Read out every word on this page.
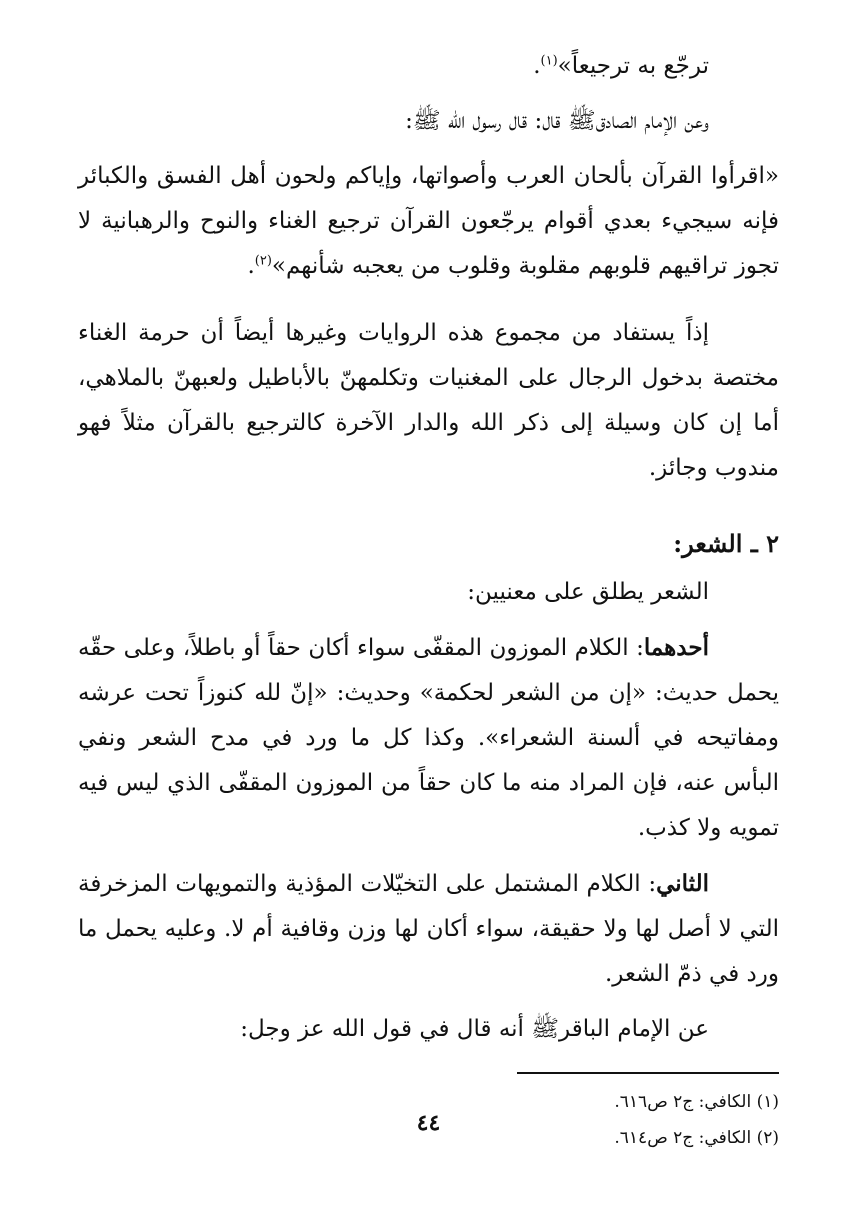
ترجّع به ترجيعاً»$^{(١)}$.

وعن الإمام الصادقﷺ قال: قال رسول الله ﷺ:

«اقرأوا القرآن بألحان العرب وأصواتها، وإياكم ولحون أهل الفسق والكبائر فإنه سيجيء بعدي أقوام يرجّعون القرآن ترجيع الغناء والنوح والرهبانية لا تجوز تراقيهم قلوبهم مقلوبة وقلوب من يعجبه شأنهم»$^{(٢)}$.

إذاً يستفاد من مجموع هذه الروايات وغيرها أيضاً أن حرمة الغناء مختصة بدخول الرجال على المغنيات وتكلمهنّ بالأباطيل ولعبهنّ بالملاهي، أما إن كان وسيلة إلى ذكر الله والدار الآخرة كالترجيع بالقرآن مثلاً فهو مندوب وجائز.

٢ ـ الشعر:

الشعر يطلق على معنيين:

أحدهما: الكلام الموزون المقفّى سواء أكان حقاً أو باطلاً، وعلى حقّه يحمل حديث: «إن من الشعر لحكمة» وحديث: «إنّ لله كنوزاً تحت عرشه ومفاتيحه في ألسنة الشعراء». وكذا كل ما ورد في مدح الشعر ونفي البأس عنه، فإن المراد منه ما كان حقاً من الموزون المقفّى الذي ليس فيه تمويه ولا كذب.

الثاني: الكلام المشتمل على التخيّلات المؤذية والتمويهات المزخرفة التي لا أصل لها ولا حقيقة، سواء أكان لها وزن وقافية أم لا. وعليه يحمل ما ورد في ذمّ الشعر.

عن الإمام الباقرﷺ أنه قال في قول الله عز وجل:

(١) الكافي: ج٢ ص٦١٦.

(٢) الكافي: ج٢ ص٦١٤.

٤٤
